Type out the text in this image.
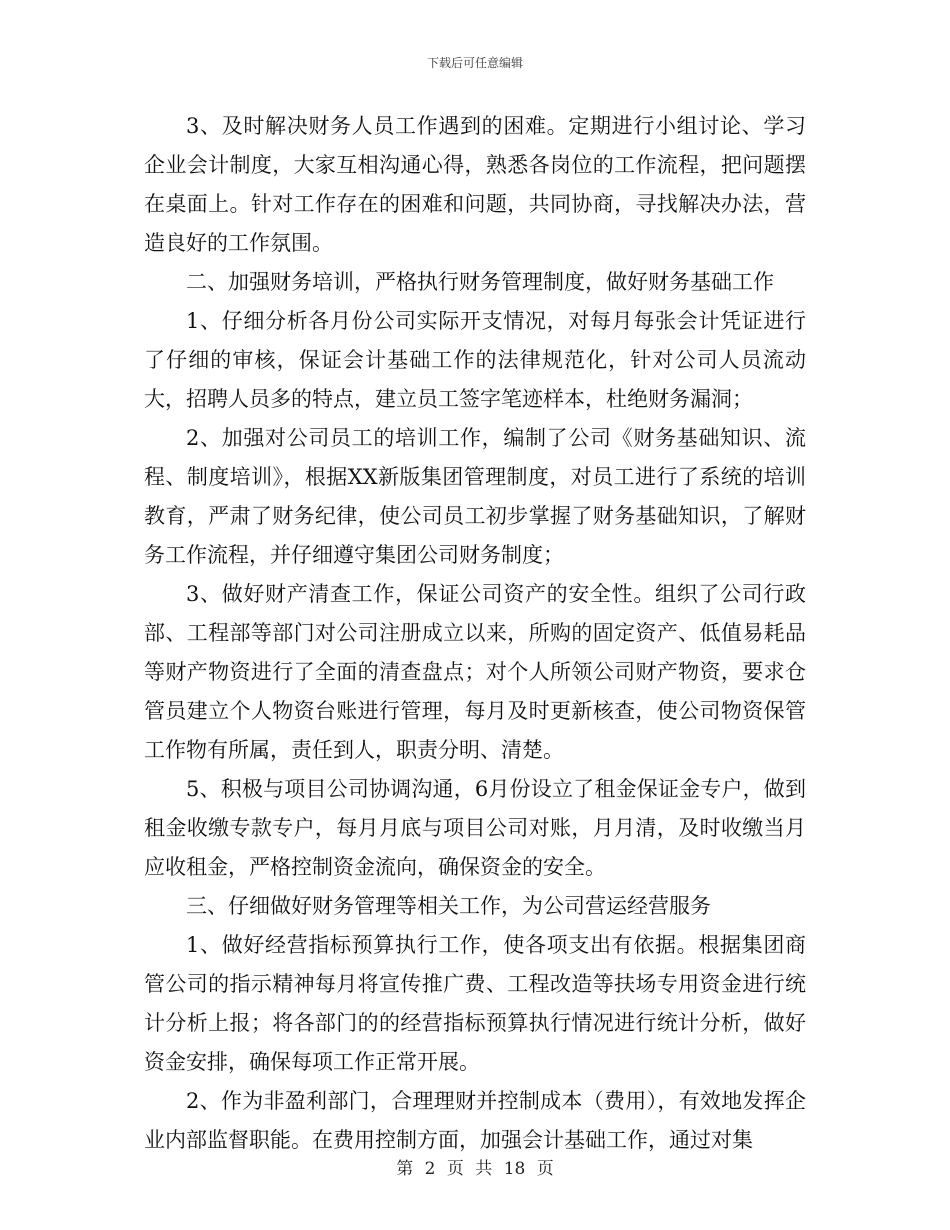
下载后可任意编辑

3、及时解决财务人员工作遇到的困难。定期进行小组讨论、学习企业会计制度，大家互相沟通心得，熟悉各岗位的工作流程，把问题摆在桌面上。针对工作存在的困难和问题，共同协商，寻找解决办法，营造良好的工作氛围。

二、加强财务培训，严格执行财务管理制度，做好财务基础工作

1、仔细分析各月份公司实际开支情况，对每月每张会计凭证进行了仔细的审核，保证会计基础工作的法律规范化，针对公司人员流动大，招聘人员多的特点，建立员工签字笔迹样本，杜绝财务漏洞；

2、加强对公司员工的培训工作，编制了公司《财务基础知识、流程、制度培训》，根据XX新版集团管理制度，对员工进行了系统的培训教育，严肃了财务纪律，使公司员工初步掌握了财务基础知识，了解财务工作流程，并仔细遵守集团公司财务制度；

3、做好财产清查工作，保证公司资产的安全性。组织了公司行政部、工程部等部门对公司注册成立以来，所购的固定资产、低值易耗品等财产物资进行了全面的清查盘点；对个人所领公司财产物资，要求仓管员建立个人物资台账进行管理，每月及时更新核查，使公司物资保管工作物有所属，责任到人，职责分明、清楚。

5、积极与项目公司协调沟通，6月份设立了租金保证金专户，做到租金收缴专款专户，每月月底与项目公司对账，月月清，及时收缴当月应收租金，严格控制资金流向，确保资金的安全。

三、仔细做好财务管理等相关工作，为公司营运经营服务

1、做好经营指标预算执行工作，使各项支出有依据。根据集团商管公司的指示精神每月将宣传推广费、工程改造等扶场专用资金进行统计分析上报；将各部门的的经营指标预算执行情况进行统计分析，做好资金安排，确保每项工作正常开展。

2、作为非盈利部门，合理理财并控制成本（费用），有效地发挥企业内部监督职能。在费用控制方面，加强会计基础工作，通过对集

第 2 页 共 18 页
